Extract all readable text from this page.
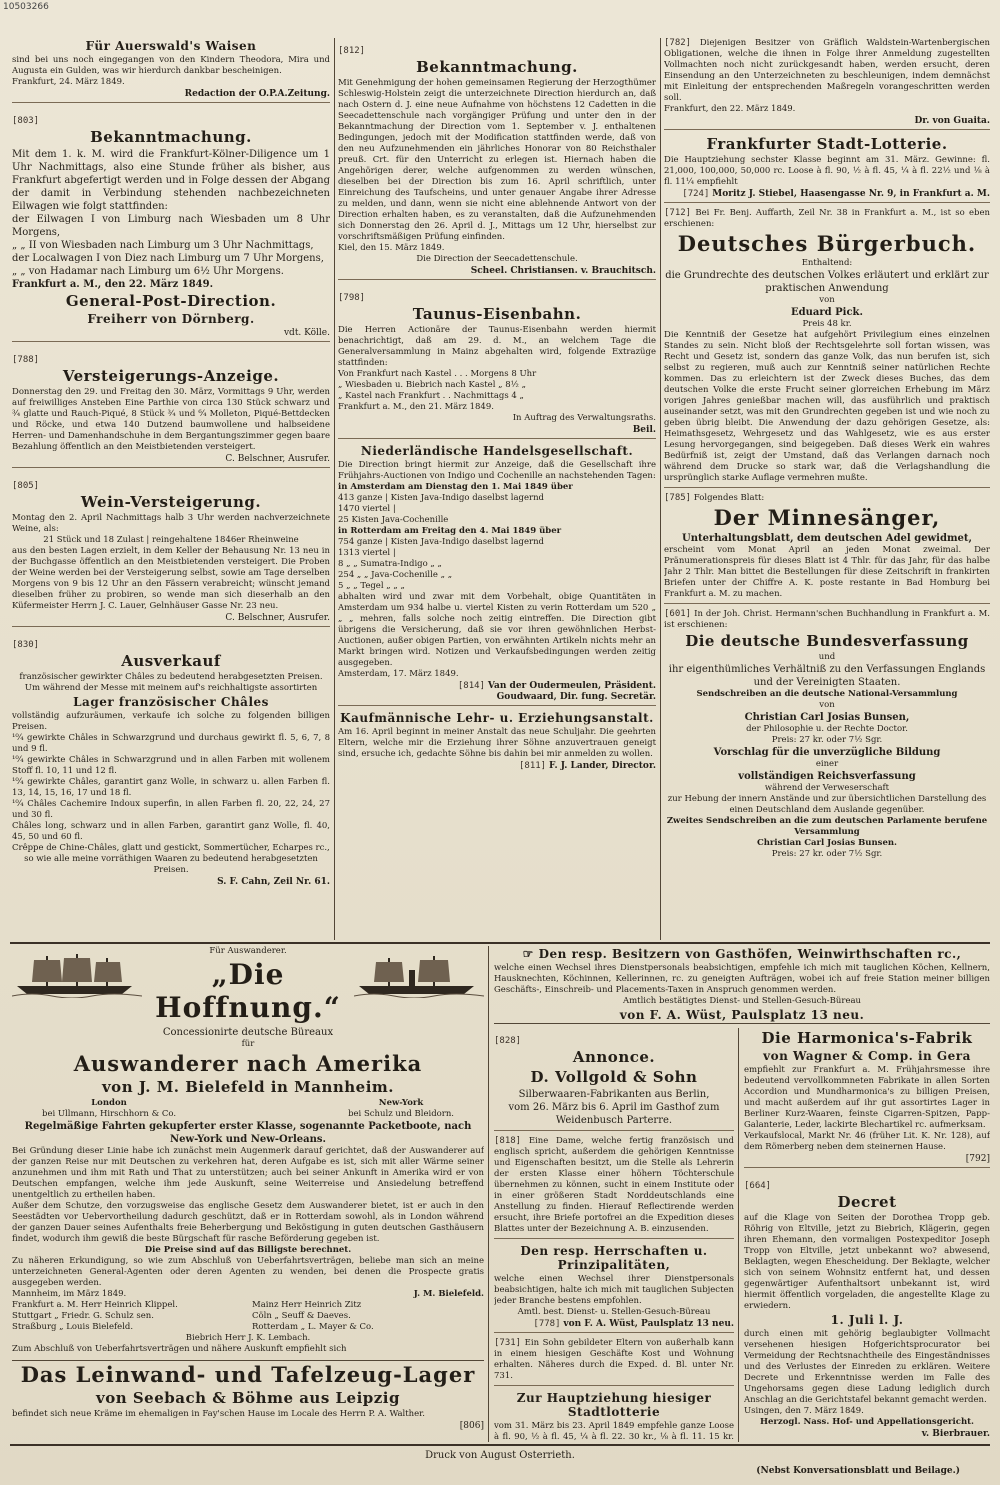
10503266
Für Auerswald's Waisen

sind bei uns noch eingegangen von den Kindern Theodora, Mira und Augusta ein Gulden, was wir hierdurch dankbar bescheinigen.

Frankfurt, 24. März 1849.

Redaction der O.P.A.Zeitung.
[803]
Bekanntmachung.

Mit dem 1. k. M. wird die Frankfurt-Kölner-Diligence um 1 Uhr Nachmittags, also eine Stunde früher als bisher, aus Frankfurt abgefertigt werden und in Folge dessen der Abgang der damit in Verbindung stehenden nachbezeichneten Eilwagen wie folgt stattfinden:

der Eilwagen I von Limburg nach Wiesbaden um 8 Uhr Morgens,

„ „ II von Wiesbaden nach Limburg um 3 Uhr Nachmittags,

der Localwagen I von Diez nach Limburg um 7 Uhr Morgens,

„ „ von Hadamar nach Limburg um 6½ Uhr Morgens.

Frankfurt a. M., den 22. März 1849.

General-Post-Direction.
Freiherr von Dörnberg.
vdt. Kölle.
[788]
Versteigerungs-Anzeige.

Donnerstag den 29. und Freitag den 30. März, Vormittags 9 Uhr, werden auf freiwilliges Ansteben Eine Parthie von circa 130 Stück schwarz und ¾ glatte und Rauch-Piqué, 8 Stück ¾ und ⁶⁄₄ Molleton, Piqué-Bettdecken und Röcke, und etwa 140 Dutzend baumwollene und halbseidene Herren- und Damenhandschuhe in dem Bergantungszimmer gegen baare Bezahlung öffentlich an den Meistbietenden versteigert.

C. Belschner, Ausrufer.
[805]
Wein-Versteigerung.

Montag den 2. April Nachmittags halb 3 Uhr werden nachverzeichnete Weine, als:

21 Stück und 18 Zulast | reingehaltene 1846er Rheinweine

aus den besten Lagen erzielt, in dem Keller der Behausung Nr. 13 neu in der Buchgasse öffentlich an den Meistbietenden versteigert. Die Proben der Weine werden bei der Versteigerung selbst, sowie am Tage derselben Morgens von 9 bis 12 Uhr an den Fässern verabreicht; wünscht jemand dieselben früher zu probiren, so wende man sich dieserhalb an den Küfermeister Herrn J. C. Lauer, Gelnhäuser Gasse Nr. 23 neu.

C. Belschner, Ausrufer.
[830]
Ausverkauf

französischer gewirkter Châles zu bedeutend herabgesetzten Preisen.

Um während der Messe mit meinem auf's reichhaltigste assortirten

Lager französischer Châles

vollständig aufzuräumen, verkaufe ich solche zu folgenden billigen Preisen.

¹⁰⁄₄ gewirkte Châles in Schwarzgrund und durchaus gewirkt fl. 5, 6, 7, 8 und 9 fl.

¹⁰⁄₄ gewirkte Châles in Schwarzgrund und in allen Farben mit wollenem Stoff fl. 10, 11 und 12 fl.

¹⁰⁄₄ gewirkte Châles, garantirt ganz Wolle, in schwarz u. allen Farben fl. 13, 14, 15, 16, 17 und 18 fl.

¹⁰⁄₄ Châles Cachemire Indoux superfin, in allen Farben fl. 20, 22, 24, 27 und 30 fl.

Châles long, schwarz und in allen Farben, garantirt ganz Wolle, fl. 40, 45, 50 und 60 fl.

Crêppe de Chine-Châles, glatt und gestickt, Sommertücher, Echarpes rc.,

so wie alle meine vorräthigen Waaren zu bedeutend herabgesetzten Preisen.

S. F. Cahn, Zeil Nr. 61.
[812]
Bekanntmachung.

Mit Genehmigung der hohen gemeinsamen Regierung der Herzogthümer Schleswig-Holstein zeigt die unterzeichnete Direction hierdurch an, daß nach Ostern d. J. eine neue Aufnahme von höchstens 12 Cadetten in die Seecadettenschule nach vorgängiger Prüfung und unter den in der Bekanntmachung der Direction vom 1. September v. J. enthaltenen Bedingungen, jedoch mit der Modification stattfinden werde, daß von den neu Aufzunehmenden ein jährliches Honorar von 80 Reichsthaler preuß. Crt. für den Unterricht zu erlegen ist. Hiernach haben die Angehörigen derer, welche aufgenommen zu werden wünschen, dieselben bei der Direction bis zum 16. April schriftlich, unter Einreichung des Taufscheins, und unter genauer Angabe ihrer Adresse zu melden, und dann, wenn sie nicht eine ablehnende Antwort von der Direction erhalten haben, es zu veranstalten, daß die Aufzunehmenden sich Donnerstag den 26. April d. J., Mittags um 12 Uhr, hierselbst zur vorschriftsmäßigen Prüfung einfinden.

Kiel, den 15. März 1849.

Die Direction der Seecadettenschule.

Scheel. Christiansen. v. Brauchitsch.
[798]
Taunus-Eisenbahn.

Die Herren Actionäre der Taunus-Eisenbahn werden hiermit benachrichtigt, daß am 29. d. M., an welchem Tage die Generalversammlung in Mainz abgehalten wird, folgende Extrazüge stattfinden:

Von Frankfurt nach Kastel . . . Morgens 8 Uhr

„ Wiesbaden u. Biebrich nach Kastel „ 8½ „

„ Kastel nach Frankfurt . . Nachmittags 4 „

Frankfurt a. M., den 21. März 1849.

In Auftrag des Verwaltungsraths.

Beil.
Niederländische Handelsgesellschaft.

Die Direction bringt hiermit zur Anzeige, daß die Gesellschaft ihre Frühjahrs-Auctionen von Indigo und Cochenille an nachstehenden Tagen:

in Amsterdam am Dienstag den 1. Mai 1849 über

413 ganze | Kisten Java-Indigo daselbst lagernd

1470 viertel |

25 Kisten Java-Cochenille

in Rotterdam am Freitag den 4. Mai 1849 über

754 ganze | Kisten Java-Indigo daselbst lagernd

1313 viertel |

8 „ „ Sumatra-Indigo „ „

254 „ „ Java-Cochenille „ „

5 „ „ Tegel „ „ „

abhalten wird und zwar mit dem Vorbehalt, obige Quantitäten in Amsterdam um 934 halbe u. viertel Kisten zu verin Rotterdam um 520 „ „ „ mehren, falls solche noch zeitig eintreffen. Die Direction gibt übrigens die Versicherung, daß sie vor ihren gewöhnlichen Herbst-Auctionen, außer obigen Partien, von erwähnten Artikeln nichts mehr an Markt bringen wird. Notizen und Verkaufsbedingungen werden zeitig ausgegeben.

Amsterdam, 17. März 1849.

[814] Van der Oudermeulen, Präsident.
Goudwaard, Dir. fung. Secretär.
Kaufmännische Lehr- u. Erziehungsanstalt.

Am 16. April beginnt in meiner Anstalt das neue Schuljahr. Die geehrten Eltern, welche mir die Erziehung ihrer Söhne anzuvertrauen geneigt sind, ersuche ich, gedachte Söhne bis dahin bei mir anmelden zu wollen.

[811] F. J. Lander, Director.

[782] Diejenigen Besitzer von Gräflich Waldstein-Wartenbergischen Obligationen, welche die ihnen in Folge ihrer Anmeldung zugestellten Vollmachten noch nicht zurückgesandt haben, werden ersucht, deren Einsendung an den Unterzeichneten zu beschleunigen, indem demnächst mit Einleitung der entsprechenden Maßregeln vorangeschritten werden soll.

Frankfurt, den 22. März 1849.

Dr. von Guaita.
Frankfurter Stadt-Lotterie.

Die Hauptziehung sechster Klasse beginnt am 31. März. Gewinne: fl. 21,000, 100,000, 50,000 rc. Loose à fl. 90, ½ à fl. 45, ¼ à fl. 22½ und ⅛ à fl. 11¼ empfiehlt

[724] Moritz J. Stiebel, Haasengasse Nr. 9, in Frankfurt a. M.

[712] Bei Fr. Benj. Auffarth, Zeil Nr. 38 in Frankfurt a. M., ist so eben erschienen:

Deutsches Bürgerbuch.

Enthaltend:

die Grundrechte des deutschen Volkes erläutert und erklärt zur praktischen Anwendung

von

Eduard Pick.

Preis 48 kr.

Die Kenntniß der Gesetze hat aufgehört Privilegium eines einzelnen Standes zu sein. Nicht bloß der Rechtsgelehrte soll fortan wissen, was Recht und Gesetz ist, sondern das ganze Volk, das nun berufen ist, sich selbst zu regieren, muß auch zur Kenntniß seiner natürlichen Rechte kommen. Das zu erleichtern ist der Zweck dieses Buches, das dem deutschen Volke die erste Frucht seiner glorreichen Erhebung im März vorigen Jahres genießbar machen will, das ausführlich und praktisch auseinander setzt, was mit den Grundrechten gegeben ist und wie noch zu geben übrig bleibt. Die Anwendung der dazu gehörigen Gesetze, als: Heimathsgesetz, Wehrgesetz und das Wahlgesetz, wie es aus erster Lesung hervorgegangen, sind beigegeben. Daß dieses Werk ein wahres Bedürfniß ist, zeigt der Umstand, daß das Verlangen darnach noch während dem Drucke so stark war, daß die Verlagshandlung die ursprünglich starke Auflage vermehren mußte.

[785] Folgendes Blatt:

Der Minnesänger,

Unterhaltungsblatt, dem deutschen Adel gewidmet,

erscheint vom Monat April an jeden Monat zweimal. Der Pränumerationspreis für dieses Blatt ist 4 Thlr. für das Jahr, für das halbe Jahr 2 Thlr. Man bittet die Bestellungen für diese Zeitschrift in frankirten Briefen unter der Chiffre A. K. poste restante in Bad Homburg bei Frankfurt a. M. zu machen.

[601] In der Joh. Christ. Hermann'schen Buchhandlung in Frankfurt a. M. ist erschienen:

Die deutsche Bundesverfassung

und

ihr eigenthümliches Verhältniß zu den Verfassungen Englands und der Vereinigten Staaten.

Sendschreiben an die deutsche National-Versammlung

von

Christian Carl Josias Bunsen,

der Philosophie u. der Rechte Doctor.

Preis: 27 kr. oder 7½ Sgr.

Vorschlag für die unverzügliche Bildung

einer

vollständigen Reichsverfassung

während der Verweserschaft

zur Hebung der innern Anstände und zur übersichtlichen Darstellung des einen Deutschland dem Auslande gegenüber.

Zweites Sendschreiben an die zum deutschen Parlamente berufene Versammlung

Christian Carl Josias Bunsen.

Preis: 27 kr. oder 7½ Sgr.

Für Auswanderer.

„Die Hoffnung.“

Concessionirte deutsche Büreaux

für

Auswanderer nach Amerika
von J. M. Bielefeld in Mannheim.
London
bei Ullmann, Hirschhorn & Co.
New-York
bei Schulz und Bleidorn.

Regelmäßige Fahrten gekupferter erster Klasse, sogenannte Packetboote, nach New-York und New-Orleans.

Bei Gründung dieser Linie habe ich zunächst mein Augenmerk darauf gerichtet, daß der Auswanderer auf der ganzen Reise nur mit Deutschen zu verkehren hat, deren Aufgabe es ist, sich mit aller Wärme seiner anzunehmen und ihm mit Rath und That zu unterstützen; auch bei seiner Ankunft in Amerika wird er von Deutschen empfangen, welche ihm jede Auskunft, seine Weiterreise und Ansiedelung betreffend unentgeltlich zu ertheilen haben.

Außer dem Schutze, den vorzugsweise das englische Gesetz dem Auswanderer bietet, ist er auch in den Seestädten vor Uebervortheilung dadurch geschützt, daß er in Rotterdam sowohl, als in London während der ganzen Dauer seines Aufenthalts freie Beherbergung und Beköstigung in guten deutschen Gasthäusern findet, wodurch ihm gewiß die beste Bürgschaft für rasche Beförderung gegeben ist.

Die Preise sind auf das Billigste berechnet.

Zu näheren Erkundigung, so wie zum Abschluß von Ueberfahrtsverträgen, beliebe man sich an meine unterzeichneten General-Agenten oder deren Agenten zu wenden, bei denen die Prospecte gratis ausgegeben werden.

Mannheim, im März 1849.	J. M. Bielefeld.
Frankfurt a. M. Herr Heinrich Klippel.	Mainz Herr Heinrich Zitz
Stuttgart „ Friedr. G. Schulz sen.	Cöln „ Seuff & Daeves.
Straßburg „ Louis Bielefeld.	Rotterdam „ L. Mayer & Co.

Biebrich Herr J. K. Lembach.

Zum Abschluß von Ueberfahrtsverträgen und nähere Auskunft empfiehlt sich

Das Leinwand- und Tafelzeug-Lager
von Seebach & Böhme aus Leipzig

befindet sich neue Kräme im ehemaligen in Fay'schen Hause im Locale des Herrn P. A. Walther.

[806]
☞ Den resp. Besitzern von Gasthöfen, Weinwirthschaften rc.,

welche einen Wechsel ihres Dienstpersonals beabsichtigen, empfehle ich mich mit tauglichen Köchen, Kellnern, Hausknechten, Köchinnen, Kellerinnen, rc. zu geneigten Aufträgen, wobei ich auf freie Station meiner billigen Geschäfts-, Einschreib- und Placements-Taxen in Anspruch genommen werden.

Amtlich bestätigtes Dienst- und Stellen-Gesuch-Büreau

von F. A. Wüst, Paulsplatz 13 neu.
[828]
Annonce.
D. Vollgold & Sohn

Silberwaaren-Fabrikanten aus Berlin,

vom 26. März bis 6. April im Gasthof zum Weidenbusch Parterre.

[818] Eine Dame, welche fertig französisch und englisch spricht, außerdem die gehörigen Kenntnisse und Eigenschaften besitzt, um die Stelle als Lehrerin der ersten Klasse einer höhern Töchterschule übernehmen zu können, sucht in einem Institute oder in einer größeren Stadt Norddeutschlands eine Anstellung zu finden. Hierauf Reflectirende werden ersucht, ihre Briefe portofrei an die Expedition dieses Blattes unter der Bezeichnung A. B. einzusenden.

Den resp. Herrschaften u. Prinzipalitäten,

welche einen Wechsel ihrer Dienstpersonals beabsichtigen, halte ich mich mit tauglichen Subjecten jeder Branche bestens empfohlen.

Amtl. best. Dienst- u. Stellen-Gesuch-Büreau

[778] von F. A. Wüst, Paulsplatz 13 neu.

[731] Ein Sohn gebildeter Eltern von außerhalb kann in einem hiesigen Geschäfte Kost und Wohnung erhalten. Näheres durch die Exped. d. Bl. unter Nr. 731.

Zur Hauptziehung hiesiger Stadtlotterie

vom 31. März bis 23. April 1849 empfehle ganze Loose à fl. 90, ½ à fl. 45, ¼ à fl. 22. 30 kr., ⅛ à fl. 11. 15 kr.

Die Harmonica's-Fabrik
von Wagner & Comp. in Gera

empfiehlt zur Frankfurt a. M. Frühjahrsmesse ihre bedeutend vervollkommneten Fabrikate in allen Sorten Accordion und Mundharmonica's zu billigen Preisen, und macht außerdem auf ihr gut assortirtes Lager in Berliner Kurz-Waaren, feinste Cigarren-Spitzen, Papp-Galanterie, Leder, lackirte Blechartikel rc. aufmerksam.

Verkaufslocal, Markt Nr. 46 (früher Lit. K. Nr. 128), auf dem Römerberg neben dem steinernen Hause.

[792]
[664]
Decret

auf die Klage von Seiten der Dorothea Tropp geb. Röhrig von Eltville, jetzt zu Biebrich, Klägerin, gegen ihren Ehemann, den vormaligen Postexpeditor Joseph Tropp von Eltville, jetzt unbekannt wo? abwesend, Beklagten, wegen Ehescheidung. Der Beklagte, welcher sich von seinem Wohnsitz entfernt hat, und dessen gegenwärtiger Aufenthaltsort unbekannt ist, wird hiermit öffentlich vorgeladen, die angestellte Klage zu erwiedern.

1. Juli l. J.

durch einen mit gehörig beglaubigter Vollmacht versehenen hiesigen Hofgerichtsprocurator bei Vermeidung der Rechtsnachtheile des Eingeständnisses und des Verlustes der Einreden zu erklären. Weitere Decrete und Erkenntnisse werden im Falle des Ungehorsams gegen diese Ladung lediglich durch Anschlag an die Gerichtstafel bekannt gemacht werden.

Usingen, den 7. März 1849.

Herzogl. Nass. Hof- und Appellationsgericht.

v. Bierbrauer.
Druck von August Osterrieth.
(Nebst Konversationsblatt und Beilage.)
